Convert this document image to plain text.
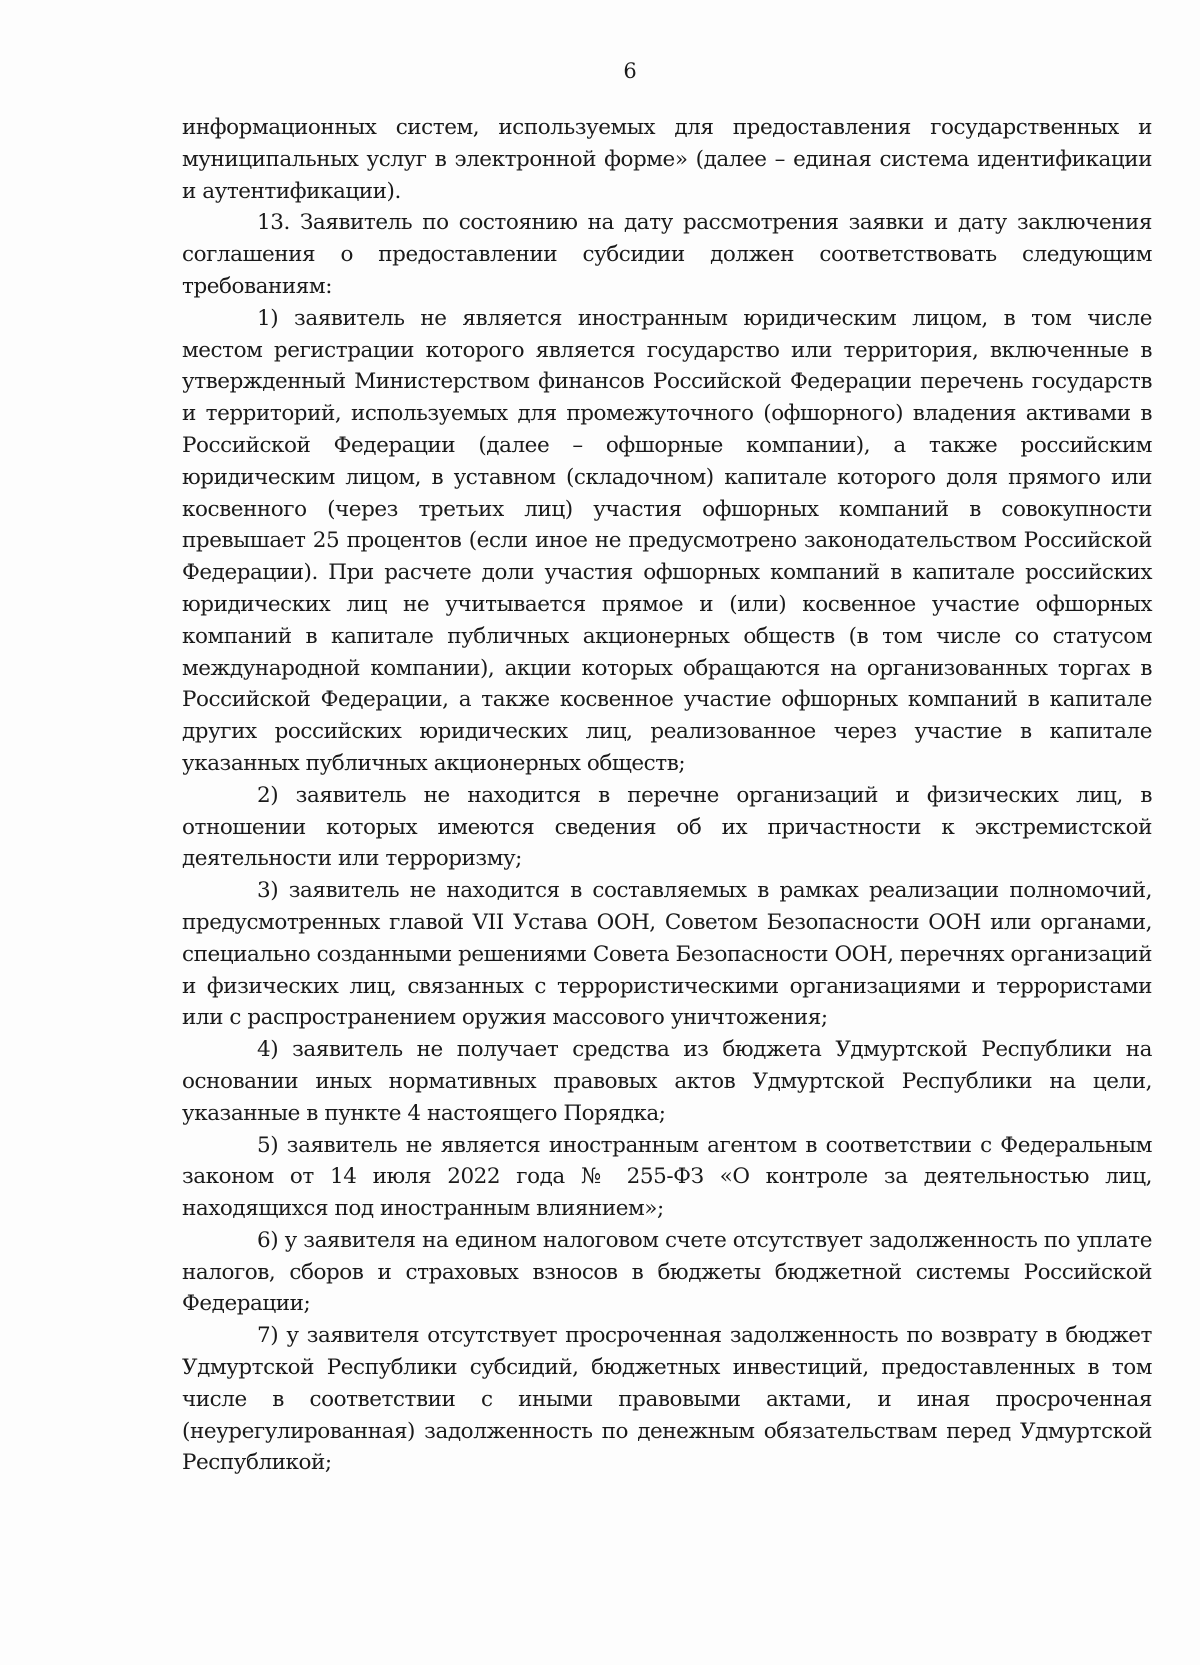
6

информационных систем, используемых для предоставления государственных и муниципальных услуг в электронной форме» (далее – единая система идентификации и аутентификации).

13. Заявитель по состоянию на дату рассмотрения заявки и дату заключения соглашения о предоставлении субсидии должен соответствовать следующим требованиям:

1) заявитель не является иностранным юридическим лицом, в том числе местом регистрации которого является государство или территория, включенные в утвержденный Министерством финансов Российской Федерации перечень государств и территорий, используемых для промежуточного (офшорного) владения активами в Российской Федерации (далее – офшорные компании), а также российским юридическим лицом, в уставном (складочном) капитале которого доля прямого или косвенного (через третьих лиц) участия офшорных компаний в совокупности превышает 25 процентов (если иное не предусмотрено законодательством Российской Федерации). При расчете доли участия офшорных компаний в капитале российских юридических лиц не учитывается прямое и (или) косвенное участие офшорных компаний в капитале публичных акционерных обществ (в том числе со статусом международной компании), акции которых обращаются на организованных торгах в Российской Федерации, а также косвенное участие офшорных компаний в капитале других российских юридических лиц, реализованное через участие в капитале указанных публичных акционерных обществ;

2) заявитель не находится в перечне организаций и физических лиц, в отношении которых имеются сведения об их причастности к экстремистской деятельности или терроризму;

3) заявитель не находится в составляемых в рамках реализации полномочий, предусмотренных главой VII Устава ООН, Советом Безопасности ООН или органами, специально созданными решениями Совета Безопасности ООН, перечнях организаций и физических лиц, связанных с террористическими организациями и террористами или с распространением оружия массового уничтожения;

4) заявитель не получает средства из бюджета Удмуртской Республики на основании иных нормативных правовых актов Удмуртской Республики на цели, указанные в пункте 4 настоящего Порядка;

5) заявитель не является иностранным агентом в соответствии с Федеральным законом от 14 июля 2022 года № 255-ФЗ «О контроле за деятельностью лиц, находящихся под иностранным влиянием»;

6) у заявителя на едином налоговом счете отсутствует задолженность по уплате налогов, сборов и страховых взносов в бюджеты бюджетной системы Российской Федерации;

7) у заявителя отсутствует просроченная задолженность по возврату в бюджет Удмуртской Республики субсидий, бюджетных инвестиций, предоставленных в том числе в соответствии с иными правовыми актами, и иная просроченная (неурегулированная) задолженность по денежным обязательствам перед Удмуртской Республикой;
